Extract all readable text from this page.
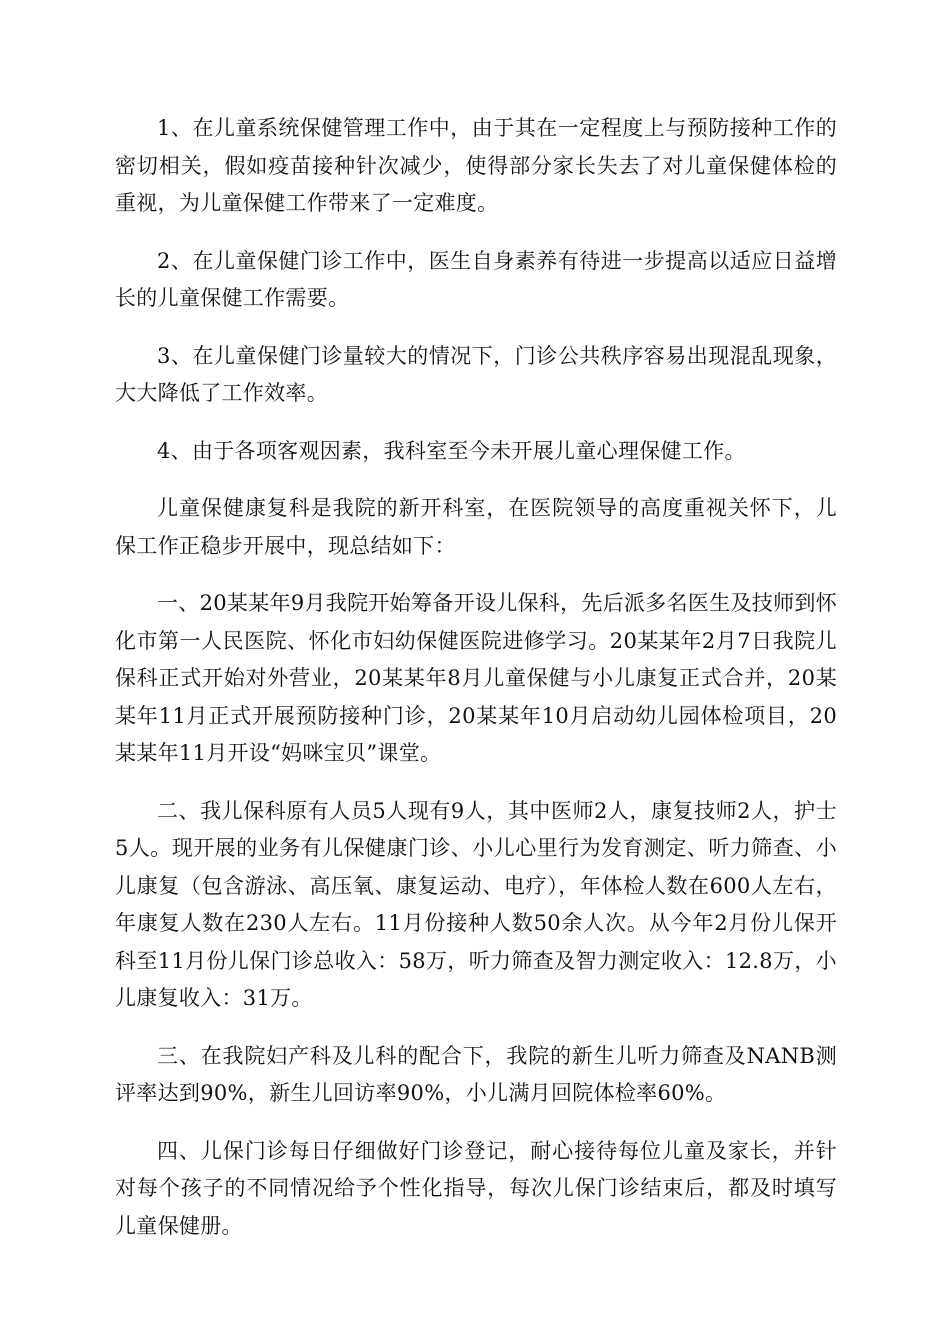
1、在儿童系统保健管理工作中，由于其在一定程度上与预防接种工作的密切相关，假如疫苗接种针次减少，使得部分家长失去了对儿童保健体检的重视，为儿童保健工作带来了一定难度。

2、在儿童保健门诊工作中，医生自身素养有待进一步提高以适应日益增长的儿童保健工作需要。

3、在儿童保健门诊量较大的情况下，门诊公共秩序容易出现混乱现象，大大降低了工作效率。

4、由于各项客观因素，我科室至今未开展儿童心理保健工作。

儿童保健康复科是我院的新开科室，在医院领导的高度重视关怀下，儿保工作正稳步开展中，现总结如下：

一、20某某年9月我院开始筹备开设儿保科，先后派多名医生及技师到怀化市第一人民医院、怀化市妇幼保健医院进修学习。20某某年2月7日我院儿保科正式开始对外营业，20某某年8月儿童保健与小儿康复正式合并，20某某年11月正式开展预防接种门诊，20某某年10月启动幼儿园体检项目，20某某年11月开设“妈咪宝贝”课堂。

二、我儿保科原有人员5人现有9人，其中医师2人，康复技师2人，护士5人。现开展的业务有儿保健康门诊、小儿心里行为发育测定、听力筛查、小儿康复（包含游泳、高压氧、康复运动、电疗），年体检人数在600人左右，年康复人数在230人左右。11月份接种人数50余人次。从今年2月份儿保开科至11月份儿保门诊总收入：58万，听力筛查及智力测定收入：12.8万，小儿康复收入：31万。

三、在我院妇产科及儿科的配合下，我院的新生儿听力筛查及NANB测评率达到90%，新生儿回访率90%，小儿满月回院体检率60%。

四、儿保门诊每日仔细做好门诊登记，耐心接待每位儿童及家长，并针对每个孩子的不同情况给予个性化指导，每次儿保门诊结束后，都及时填写儿童保健册。
